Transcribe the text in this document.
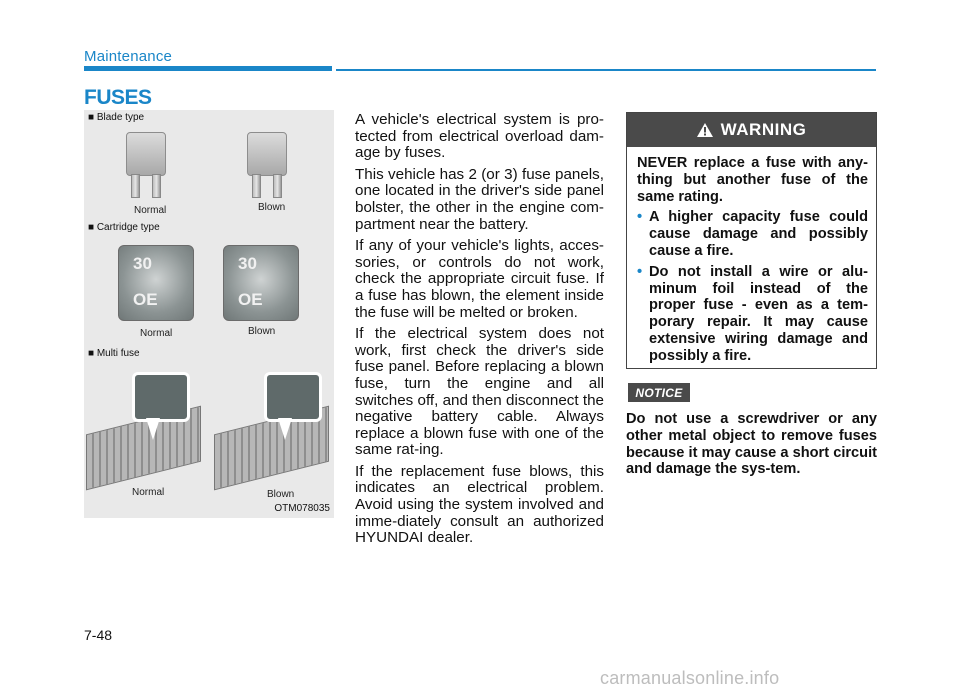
Maintenance
FUSES
■ Blade type
Normal	Blown
■ Cartridge type
30
OE
30
OE
Normal	Blown
■ Multi fuse
Normal	Blown
OTM078035

A vehicle's electrical system is pro-tected from electrical overload dam-age by fuses.

This vehicle has 2 (or 3) fuse panels, one located in the driver's side panel bolster, the other in the engine com-partment near the battery.

If any of your vehicle's lights, acces-sories, or controls do not work, check the appropriate circuit fuse. If a fuse has blown, the element inside the fuse will be melted or broken.

If the electrical system does not work, first check the driver's side fuse panel. Before replacing a blown fuse, turn the engine and all switches off, and then disconnect the negative battery cable. Always replace a blown fuse with one of the same rat-ing.

If the replacement fuse blows, this indicates an electrical problem. Avoid using the system involved and imme-diately consult an authorized HYUNDAI dealer.

WARNING

NEVER replace a fuse with any-thing but another fuse of the same rating.

• A higher capacity fuse could cause damage and possibly cause a fire.
• Do not install a wire or alu-minum foil instead of the proper fuse - even as a tem-porary repair. It may cause extensive wiring damage and possibly a fire.
NOTICE
Do not use a screwdriver or any other metal object to remove fuses because it may cause a short circuit and damage the sys-tem.
7-48
carmanualsonline.info
